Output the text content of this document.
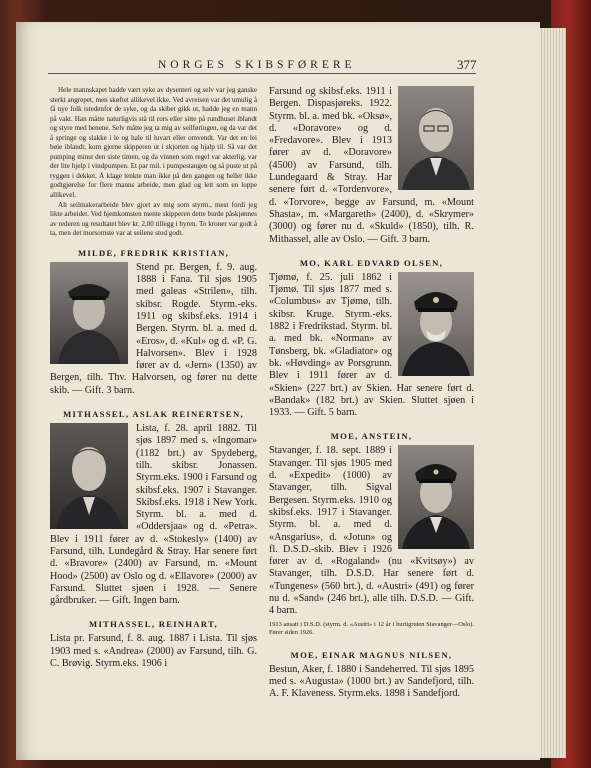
NORGES SKIBSFØRERE	377

Hele mannskapet hadde vært syke av dysenteri og selv var jeg ganske sterkt angrepet, men skøftet allikevel ikke. Ved avreisen var det umulig å få nye folk istedenfor de syke, og da skibet gikk ut, hadde jeg en mann på vakt. Han måtte naturligvis stå til rors eller sitte på rundhuset iblandt og styre med benene. Selv måtte jeg ta mig av seilføringen, og da var det å springe og slakke i le og hale til luvart eller omvendt. Var det en lei bøie iblandt, kom gjerne skipperen ut i skjorten og hjalp til. Så var det pumping minst den siste timen, og da vinnen som regel var akterlig, var der lite hjelp i vindpumpen. Et par mil. i pumpestangen og så puste ut på ryggen i dekket. Å klage tenkte man ikke på den gangen og heller ikke godtgjørelse for flere manns arbeide, men glad og lett som en loppe allikevel.

Alt seilmakerarbeide blev gjort av mig som styrm., mest fordi jeg likte arbeidet. Ved hjemkomsten mente skipperen dette burde påskjønnes av rederen og resultatet blev kr. 2,00 tillegg i hyren. To kroner var godt å ta, men det morsomste var at seilene stod godt.

MILDE, FREDRIK KRISTIAN,
Stend pr. Bergen, f. 9. aug. 1888 i Fana. Til sjøs 1905 med galeas «Strilen», tilh. skibsr. Rogde. Styrm.-eks. 1911 og skibsf.eks. 1914 i Bergen. Styrm. bl. a. med d. «Eros», d. «Kul» og d. «P. G. Halvorsen». Blev i 1928 fører av d. «Jern» (1350) av Bergen, tilh. Thv. Halvorsen, og fører nu dette skib. — Gift. 3 barn.
MITHASSEL, ASLAK REINERTSEN,
Lista, f. 28. april 1882. Til sjøs 1897 med s. «Ingomar» (1182 brt.) av Spydeberg, tilh. skibsr. Jonassen. Styrm.eks. 1900 i Farsund og skibsf.eks. 1907 i Stavanger. Skibsf.eks. 1918 i New York. Styrm. bl. a. med d. «Oddersjaa» og d. «Petra». Blev i 1911 fører av d. «Stokesly» (1400) av Farsund, tilh. Lundegård & Stray. Har senere ført d. «Bravore» (2400) av Farsund, m. «Mount Hood» (2500) av Oslo og d. «Ellavore» (2000) av Farsund. Sluttet sjøen i 1928. — Senere gårdbruker. — Gift. Ingen barn.
MITHASSEL, REINHART,
Lista pr. Farsund, f. 8. aug. 1887 i Lista. Til sjøs 1903 med s. «Andrea» (2000) av Farsund, tilh. G. C. Brøvig. Styrm.eks. 1906 i
Farsund og skibsf.eks. 1911 i Bergen. Dispasjøreks. 1922. Styrm. bl. a. med bk. «Oksø», d. «Doravore» og d. «Fredavore». Blev i 1913 fører av d. «Doravore» (4500) av Farsund, tilh. Lundegaard & Stray. Har senere ført d. «Tordenvore», d. «Torvore», begge av Farsund, m. «Mount Shasta», m. «Margareth» (2400), d. «Skrymer» (3000) og fører nu d. «Skuld» (1850), tilh. R. Mithassel, alle av Oslo. — Gift. 3 barn.
MO, KARL EDVARD OLSEN,
Tjømø, f. 25. juli 1862 i Tjømø. Til sjøs 1877 med s. «Columbus» av Tjømø, tilh. skibsr. Kruge. Styrm.-eks. 1882 i Fredrikstad. Styrm. bl. a. med bk. «Norman» av Tønsberg, bk. «Gladiator» og bk. «Høvding» av Porsgrunn. Blev i 1911 fører av d. «Skien» (227 brt.) av Skien. Har senere ført d. «Bandak» (182 brt.) av Skien. Sluttet sjøen i 1933. — Gift. 5 barn.
MOE, ANSTEIN,
Stavanger, f. 18. sept. 1889 i Stavanger. Til sjøs 1905 med d. «Expedit» (1000) av Stavanger, tilh. Sigval Bergesen. Styrm.eks. 1910 og skibsf.eks. 1917 i Stavanger. Styrm. bl. a. med d. «Ansgarius», d. «Jotun» og fl. D.S.D.-skib. Blev i 1926 fører av d. «Rogaland» (nu «Kvitsøy») av Stavanger, tilh. D.S.D. Har senere ført d. «Tungenes» (560 brt.), d. «Austri» (491) og fører nu d. «Sand» (246 brt.), alle tilh. D.S.D. — Gift. 4 barn.
1913 ansatt i D.S.D. (styrm. d. «Austri» i 12 år i hurtigruten Stavanger—Oslo). Fører siden 1926.
MOE, EINAR MAGNUS NILSEN,
Bestun, Aker, f. 1880 i Sandeherred. Til sjøs 1895 med s. «Augusta» (1000 brt.) av Sandefjord, tilh. A. F. Klaveness. Styrm.eks. 1898 i Sandefjord.
